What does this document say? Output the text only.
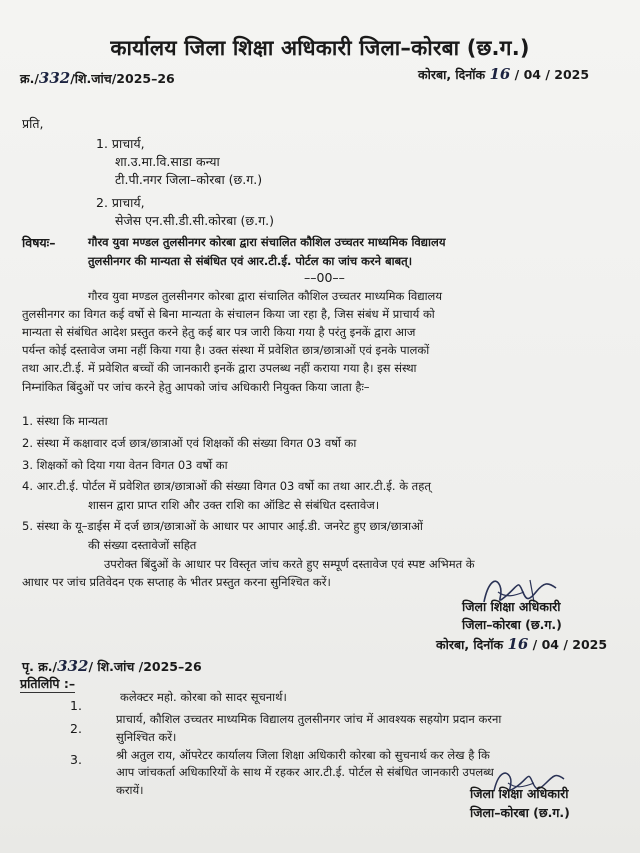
कार्यालय जिला शिक्षा अधिकारी जिला–कोरबा (छ.ग.)
क्र./332/शि.जांच/2025–26	कोरबा, दिनॉक 16 / 04 / 2025
प्रति,
1. प्राचार्य,
शा.उ.मा.वि.साडा कन्या
टी.पी.नगर जिला–कोरबा (छ.ग.)
2. प्राचार्य,
सेजेस एन.सी.डी.सी.कोरबा (छ.ग.)
विषयः–	गौरव युवा मण्डल तुलसीनगर कोरबा द्वारा संचालित कौशिल उच्चतर माध्यमिक विद्यालय
तुलसीनगर की मान्यता से संबंधित एवं आर.टी.ई. पोर्टल का जांच करने बाबत्।
––00––
गौरव युवा मण्डल तुलसीनगर कोरबा द्वारा संचालित कौशिल उच्चतर माध्यमिक विद्यालय
तुलसीनगर का विगत कई वर्षो से बिना मान्यता के संचालन किया जा रहा है, जिस संबंध में प्राचार्य को
मान्यता से संबंधित आदेश प्रस्तुत करने हेतु कई बार पत्र जारी किया गया है परंतु इनकें द्वारा आज
पर्यन्त कोई दस्तावेज जमा नहीं किया गया है। उक्त संस्था में प्रवेशित छात्र/छात्राओं एवं इनके पालकों
तथा आर.टी.ई. में प्रवेशित बच्चों की जानकारी इनकें द्वारा उपलब्ध नहीं कराया गया है। इस संस्था
निम्नांकित बिंदुओं पर जांच करने हेतु आपको जांच अधिकारी नियुक्त किया जाता हैः–
1. संस्था कि मान्यता
2. संस्था में कक्षावार दर्ज छात्र/छात्राओं एवं शिक्षकों की संख्या विगत 03 वर्षो का
3. शिक्षकों को दिया गया वेतन विगत 03 वर्षो का
4. आर.टी.ई. पोर्टल में प्रवेशित छात्र/छात्राओं की संख्या विगत 03 वर्षो का तथा आर.टी.ई. के तहत्
शासन द्वारा प्राप्त राशि और उक्त राशि का ऑडिट से संबंधित दस्तावेज।
5. संस्था के यू–डाईस में दर्ज छात्र/छात्राओं के आधार पर आपार आई.डी. जनरेट हुए छात्र/छात्राओं
की संख्या दस्तावेजों सहित
उपरोक्त बिंदुओं के आधार पर विस्तृत जांच करते हुए सम्पूर्ण दस्तावेज एवं स्पष्ट अभिमत के
आधार पर जांच प्रतिवेदन एक सप्ताह के भीतर प्रस्तुत करना सुनिश्चित करें।
जिला शिक्षा अधिकारी
जिला–कोरबा (छ.ग.)
कोरबा, दिनॉक 16 / 04 / 2025
पृ. क्र./332/ शि.जांच /2025–26
प्रतिलिपि :–
1.
कलेक्टर महो. कोरबा को सादर सूचनार्थ।
2.
प्राचार्य, कौशिल उच्चतर माध्यमिक विद्यालय तुलसीनगर जांच में आवश्यक सहयोग प्रदान करना
सुनिश्चित करें।
3.	श्री अतुल राय, ऑपरेटर कार्यालय जिला शिक्षा अधिकारी कोरबा को सुचनार्थ कर लेख है कि
आप जांचकर्ता अधिकारियों के साथ में रहकर आर.टी.ई. पोर्टल से संबंधित जानकारी उपलब्ध
करायें।	जिला शिक्षा अधिकारी
जिला–कोरबा (छ.ग.)
